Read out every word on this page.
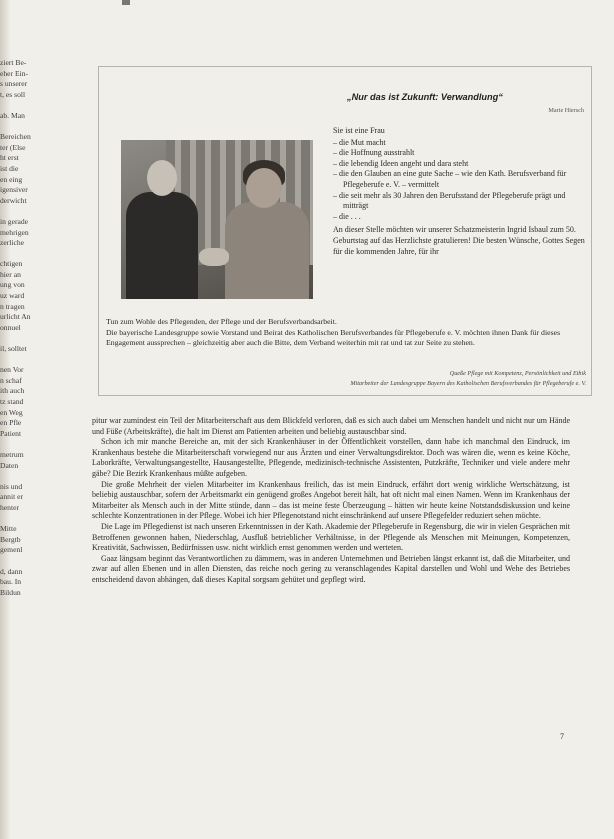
ziert Be-
eher Ein-
s unserer
t, es soll
ab. Man
Bereichen
ter (Else
ht erst
ist die
en eing
igensiver
derwicht
in gerade
mehrigen
zerliche
chtigen
hier an
ung von
uz ward
n tragen
urlicht An
onnuel
il, solltet
nen Vor
n schaf
ith auch
tz stand
en Weg
en Pfle
Patient
metrum
Daten
nis und
annit er
henter
Mitte
Bergtb
gemenl
d, dann
bau. In
Bildun
„Nur das ist Zukunft: Verwandlung“
Marie Hiersch
Sie ist eine Frau
– die Mut macht
– die Hoffnung ausstrahlt
– die lebendig Ideen angeht und dara steht
– die den Glauben an eine gute Sache – wie den Kath. Berufsverband für Pflegeberufe e. V. – vermittelt
– die seit mehr als 30 Jahren den Berufsstand der Pflegeberufe prägt und mitträgt
– die . . .
An dieser Stelle möchten wir unserer Schatzmeisterin Ingrid Isbaul zum 50. Geburtstag auf das Herzlichste gratulieren! Die besten Wünsche, Gottes Segen für die kommenden Jahre, für ihr
Tun zum Wohle des Pflegenden, der Pflege und der Berufsverbandsarbeit.
Die bayerische Landesgruppe sowie Vorstand und Beirat des Katholischen Berufsverbandes für Pflegeberufe e. V. möchten ihnen Dank für dieses Engagement aussprechen – gleichzeitig aber auch die Bitte, dem Verband weiterhin mit rat und tat zur Seite zu stehen.
Queße Pflege mit Kompetenz, Persönlichkeit und Ethik
Mitarbeiter der Landesgruppe Bayern des Katholischen Berufsverbandes für Pflegeberufe e. V.

pitur war zumindest ein Teil der Mitarbeiterschaft aus dem Blickfeld verloren, daß es sich auch dabei um Menschen handelt und nicht nur um Hände und Füße (Arbeitskräfte), die halt im Dienst am Patienten arbeiten und beliebig austauschbar sind.

Schon ich mir manche Bereiche an, mit der sich Krankenhäuser in der Öffentlichkeit vorstellen, dann habe ich manchmal den Eindruck, im Krankenhaus bestehe die Mitarbeiterschaft vorwiegend nur aus Ärzten und einer Verwaltungsdirektor. Doch was wären die, wenn es keine Köche, Laborkräfte, Verwaltungsangestellte, Hausangestellte, Pflegende, medizinisch-technische Assistenten, Putzkräfte, Techniker und viele andere mehr gäbe? Die Bezirk Krankenhaus müßte aufgeben.

Die große Mehrheit der vielen Mitarbeiter im Krankenhaus freilich, das ist mein Eindruck, erfährt dort wenig wirkliche Wertschätzung, ist beliebig austauschbar, sofern der Arbeitsmarkt ein genügend großes Angebot bereit hält, hat oft nicht mal einen Namen. Wenn im Krankenhaus der Mitarbeiter als Mensch auch in der Mitte stünde, dann – das ist meine feste Überzeugung – hätten wir heute keine Notstandsdiskussion und keine schlechte Konzentrationen in der Pflege. Wobei ich hier Pflegenotstand nicht einschränkend auf unsere Pflegefelder reduziert sehen möchte.

Die Lage im Pflegedienst ist nach unseren Erkenntnissen in der Kath. Akademie der Pflegeberufe in Regensburg, die wir in vielen Gesprächen mit Betroffenen gewonnen haben, Niederschlag, Ausfluß betrieblicher Verhältnisse, in der Pflegende als Menschen mit Meinungen, Kompetenzen, Kreativität, Sachwissen, Bedürfnissen usw. nicht wirklich ernst genommen werden und werteten.

Gaaz längsam beginnt das Verantwortlichen zu dämmern, was in anderen Unternehmen und Betrieben längst erkannt ist, daß die Mitarbeiter, und zwar auf allen Ebenen und in allen Diensten, das reiche noch gering zu veranschlagendes Kapital darstellen und Wohl und Wehe des Betriebes entscheidend davon abhängen, daß dieses Kapital sorgsam gehütet und gepflegt wird.

7
